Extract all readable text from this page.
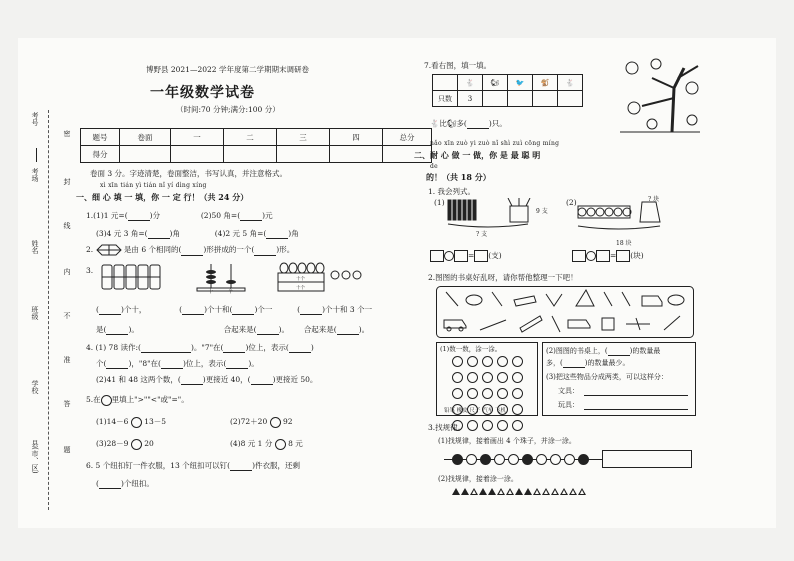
考号
考场
姓名
班级
学校
县(市、区)
密
封
线
内
不
准
答
题
博野县 2021—2022 学年度第二学期期末调研卷
一年级数学试卷
（时间:70 分钟;满分:100 分）
题号	卷面	一	二	三	四	总分
得分						
卷面 3 分。字迹清楚，卷面整洁，书写认真，并注意格式。
xì xīn tián yì tián nǐ yí dìng xíng
一、细 心 填 一 填，你 一 定 行！（共 24 分）
1.(1)1 元=(	)分	(2)50 角=(	)元
(3)4 元 3 角=(	)角	(4)2 元 5 角=(	)角
2.	是由 6 个相同的(	)形拼成的一个(	)形。
3.
十	个
十个
十个
(	)个十，	(	)个十和(	)个一	(	)个十和 3 个一
是(	)。	合起来是(	)。 合起来是(	)。
4. (1) 78 读作:(	)。"7"在(	)位上，表示(	)
个(	)，"8"在(	)位上，表示(	)。
(2)41 和 48 这两个数，(	)更接近 40，(	)更接近 50。
5.在 里填上">""<"或"="。
(1)14－6 13－5	(2)72＋20 92
(3)28－9 20	(4)8 元 1 分 8 元
6. 5 个纽扣钉一件衣服，13 个纽扣可以钉(	)件衣服，还剩
(	)个纽扣。
7.看右图，填一填。
	🐇	🐿	🐦	🐒	🐇
只数	3				
🐇比🐿多(	)只。
nǎo xīn zuò yi zuò nǐ shì zuì cōng míng
二、耐 心 做 一 做，你 是 最 聪 明
de
的！（共 18 分）
1. 我会列式。
(1)
9 支
? 支
(2)	? 块
18 块
= (支)	= (块)
2.图图的书桌好乱呀，请你帮他整理一下吧！
(1)数一数，涂一涂。
铅笔 橡皮 尺子 汽车 飞机
(2)图图的书桌上，(	)的数量最
多，(	)的数量最少。
(3)把这些物品分成两类，可以这样分：
文具：
玩具：
3.找规律。
(1)找规律，接着画出 4 个珠子，并涂一涂。
(2)找规律，接着涂一涂。
